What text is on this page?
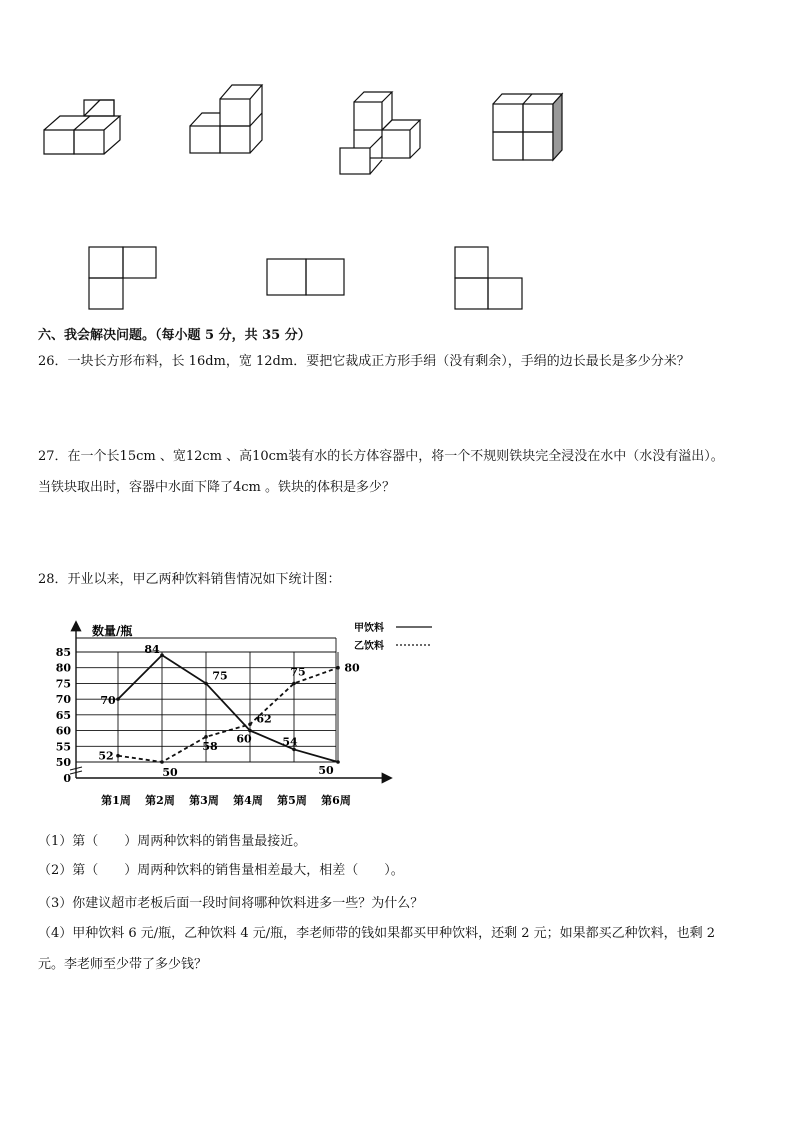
六、我会解决问题。（每小题 5 分，共 35 分）
26．一块长方形布料，长 16dm，宽 12dm．要把它裁成正方形手绢（没有剩余），手绢的边长最长是多少分米？
27．在一个长15cm 、宽12cm 、高10cm装有水的长方体容器中，将一个不规则铁块完全浸没在水中（水没有溢出）。
当铁块取出时，容器中水面下降了4cm 。铁块的体积是多少？
28．开业以来，甲乙两种饮料销售情况如下统计图：
0
50
55
60
65
70
75
80
85
数量/瓶
第1周 第2周 第3周 第4周 第5周 第6周
70
84
75
60	54
50
52
50
58
62
75	80
甲饮料
乙饮料
（1）第（　　）周两种饮料的销售量最接近。
（2）第（　　）周两种饮料的销售量相差最大，相差（　　）。
（3）你建议超市老板后面一段时间将哪种饮料进多一些？为什么？
（4）甲种饮料 6 元/瓶，乙种饮料 4 元/瓶，李老师带的钱如果都买甲种饮料，还剩 2 元；如果都买乙种饮料，也剩 2
元。李老师至少带了多少钱？
